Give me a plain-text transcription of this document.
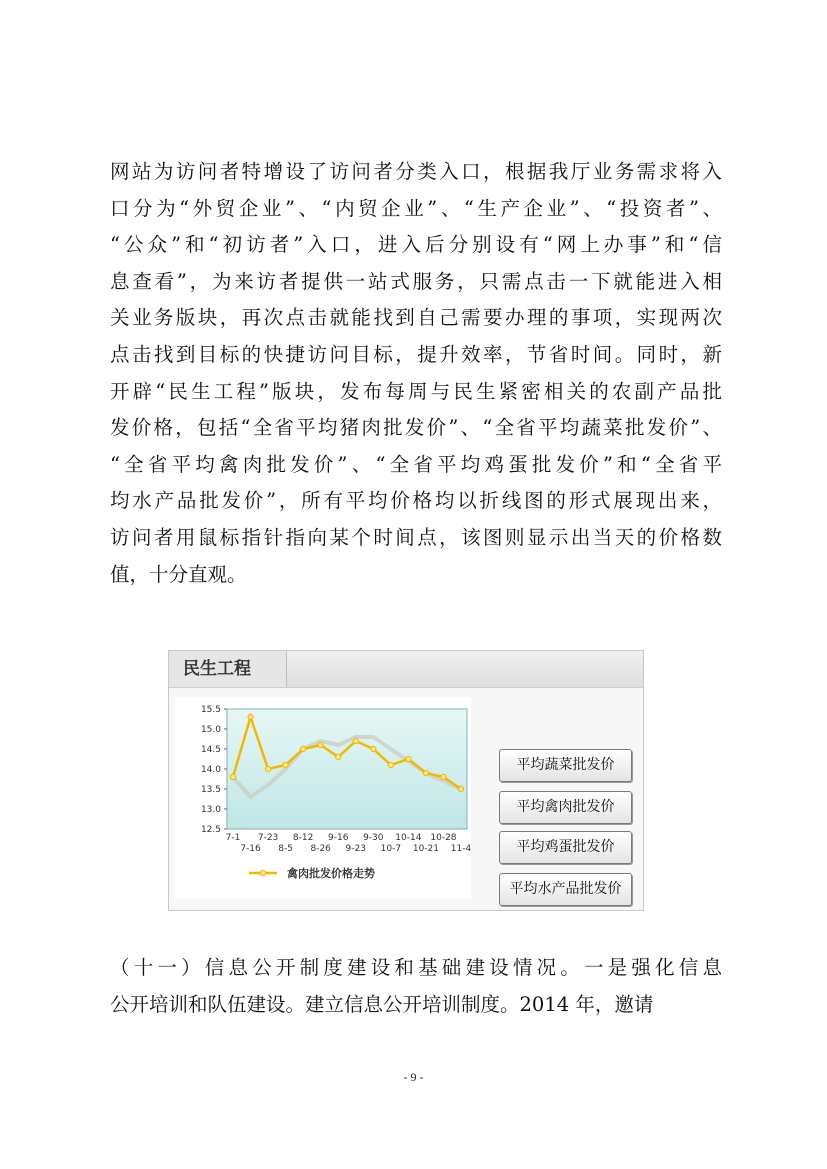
网站为访问者特增设了访问者分类入口，根据我厅业务需求将入
口分为“外贸企业”、“内贸企业”、“生产企业”、“投资者”、
“公众”和“初访者”入口，进入后分别设有“网上办事”和“信
息查看”，为来访者提供一站式服务，只需点击一下就能进入相
关业务版块，再次点击就能找到自己需要办理的事项，实现两次
点击找到目标的快捷访问目标，提升效率，节省时间。同时，新
开辟“民生工程”版块，发布每周与民生紧密相关的农副产品批
发价格，包括“全省平均猪肉批发价”、“全省平均蔬菜批发价”、
“全省平均禽肉批发价”、“全省平均鸡蛋批发价”和“全省平
均水产品批发价”，所有平均价格均以折线图的形式展现出来，
访问者用鼠标指针指向某个时间点，该图则显示出当天的价格数
值，十分直观。
民生工程
15.5
15.0
14.5
14.0
13.5
13.0
12.5
7-1 7-23 8-12 9-16 9-30 10-14 10-28
7-16 8-5 8-26 9-23 10-7 10-21 11-4
禽肉批发价格走势
平均蔬菜批发价
平均禽肉批发价
平均鸡蛋批发价
平均水产品批发价
（十一）信息公开制度建设和基础建设情况。一是强化信息
公开培训和队伍建设。建立信息公开培训制度。2014 年，邀请
- 9 -
